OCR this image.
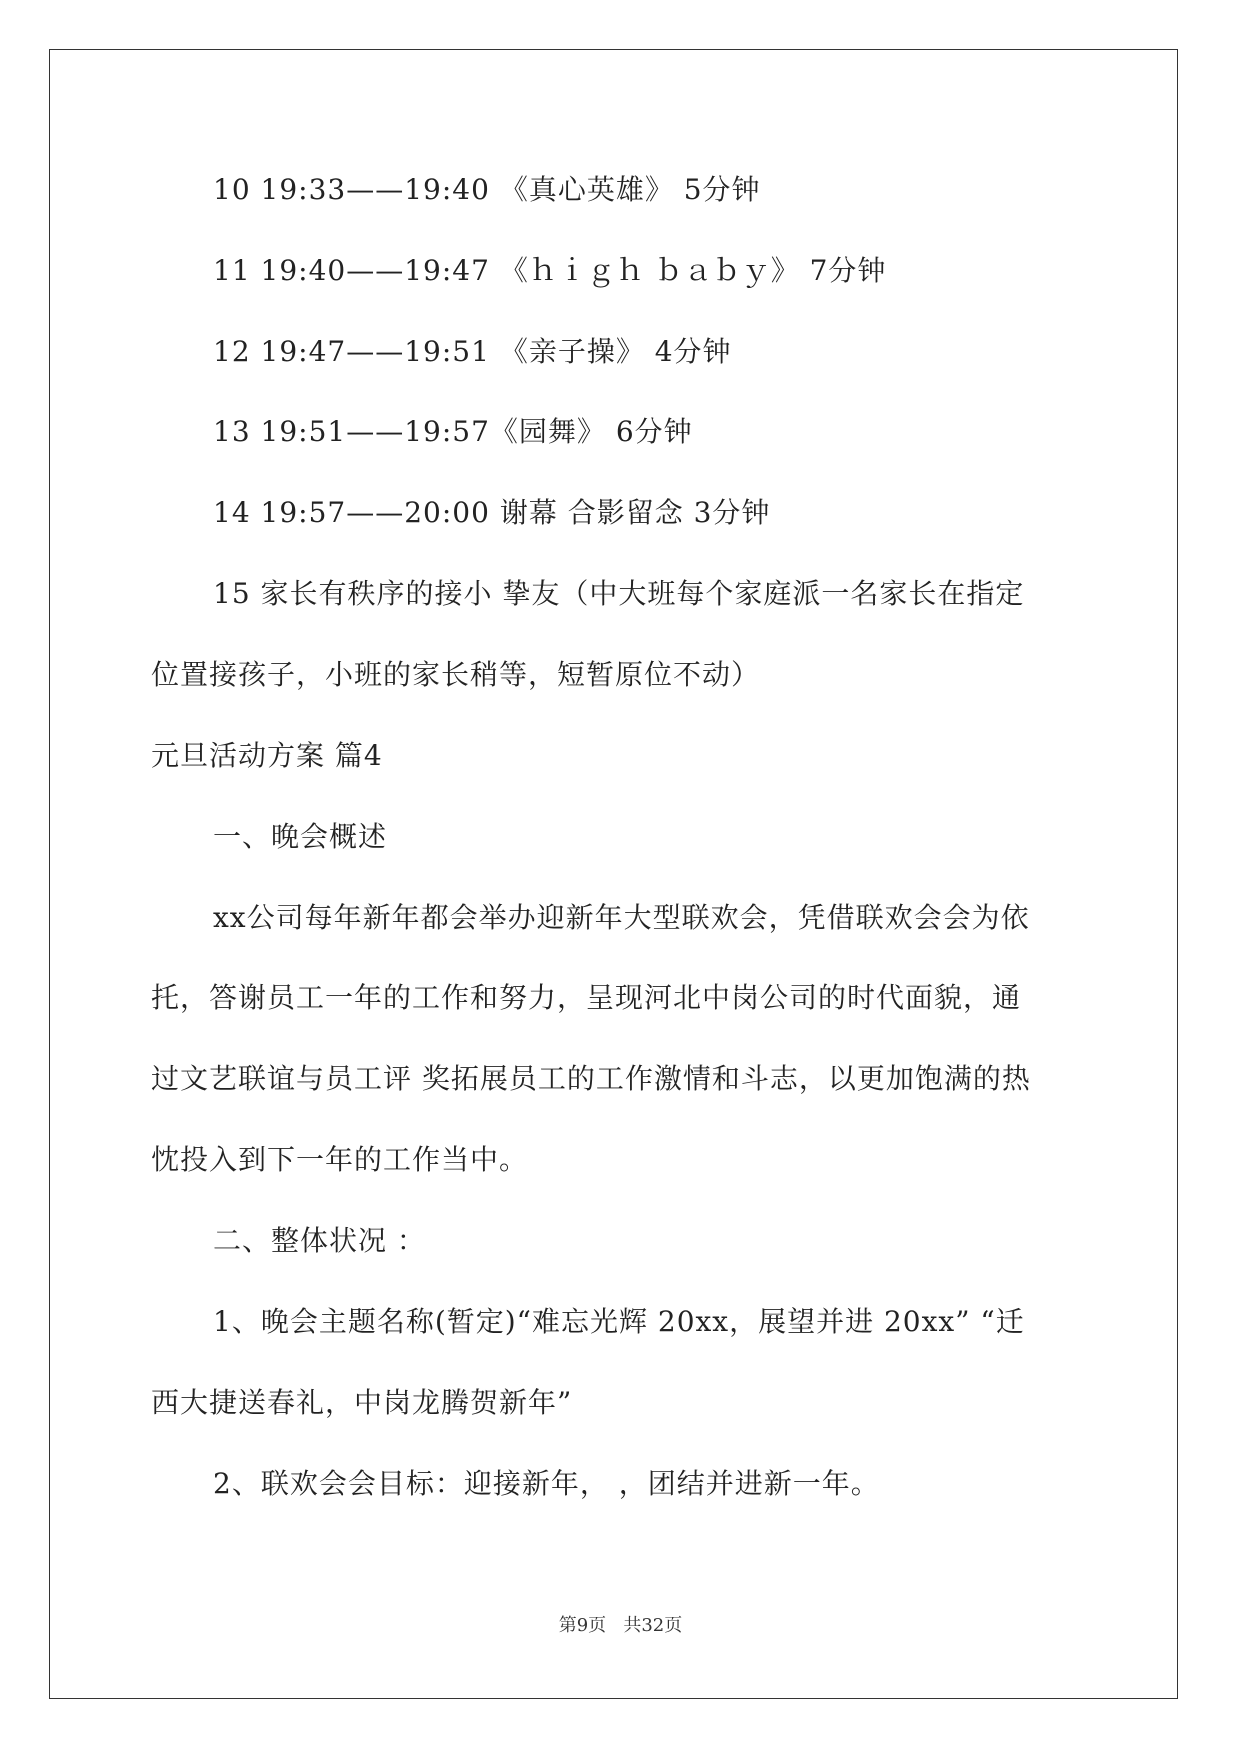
10 19:33——19:40 《真心英雄》 5分钟
11 19:40——19:47 《ｈｉｇｈ ｂａｂｙ》 7分钟
12 19:47——19:51 《亲子操》 4分钟
13 19:51——19:57《园舞》 6分钟
14 19:57——20:00 谢幕 合影留念 3分钟
15 家长有秩序的接小 挚友（中大班每个家庭派一名家长在指定
位置接孩子，小班的家长稍等，短暂原位不动）
元旦活动方案 篇4
一、晚会概述
xx公司每年新年都会举办迎新年大型联欢会，凭借联欢会会为依
托，答谢员工一年的工作和努力，呈现河北中岗公司的时代面貌，通
过文艺联谊与员工评 奖拓展员工的工作激情和斗志，以更加饱满的热
忱投入到下一年的工作当中。
二、整体状况 ：
1、晚会主题名称(暂定)“难忘光辉 20xx，展望并进 20xx” “迁
西大捷送春礼，中岗龙腾贺新年”
2、联欢会会目标：迎接新年， ，团结并进新一年。
第9页 共32页
